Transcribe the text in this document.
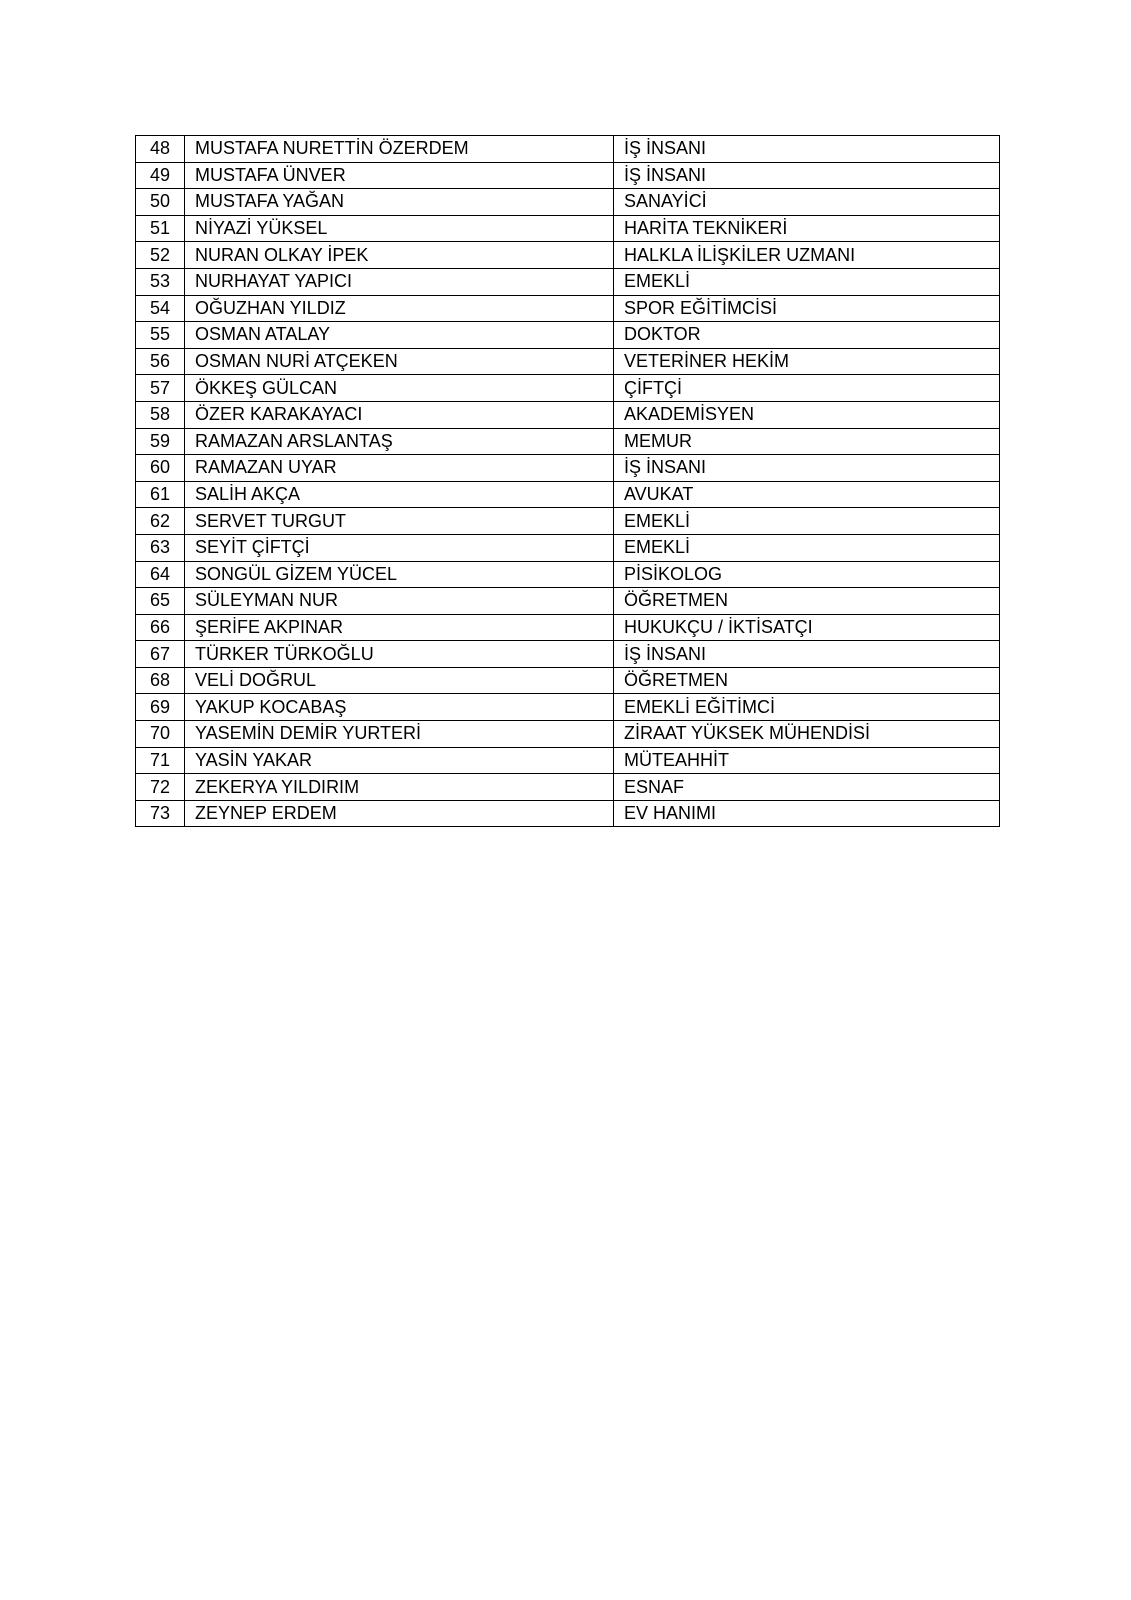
48	MUSTAFA NURETTİN ÖZERDEM	İŞ İNSANI
49	MUSTAFA ÜNVER	İŞ İNSANI
50	MUSTAFA YAĞAN	SANAYİCİ
51	NİYAZİ YÜKSEL	HARİTA TEKNİKERİ
52	NURAN OLKAY İPEK	HALKLA İLİŞKİLER UZMANI
53	NURHAYAT YAPICI	EMEKLİ
54	OĞUZHAN YILDIZ	SPOR EĞİTİMCİSİ
55	OSMAN ATALAY	DOKTOR
56	OSMAN NURİ ATÇEKEN	VETERİNER HEKİM
57	ÖKKEŞ GÜLCAN	ÇİFTÇİ
58	ÖZER KARAKAYACI	AKADEMİSYEN
59	RAMAZAN ARSLANTAŞ	MEMUR
60	RAMAZAN UYAR	İŞ İNSANI
61	SALİH AKÇA	AVUKAT
62	SERVET TURGUT	EMEKLİ
63	SEYİT ÇİFTÇİ	EMEKLİ
64	SONGÜL GİZEM YÜCEL	PİSİKOLOG
65	SÜLEYMAN NUR	ÖĞRETMEN
66	ŞERİFE AKPINAR	HUKUKÇU / İKTİSATÇI
67	TÜRKER TÜRKOĞLU	İŞ İNSANI
68	VELİ DOĞRUL	ÖĞRETMEN
69	YAKUP KOCABAŞ	EMEKLİ EĞİTİMCİ
70	YASEMİN DEMİR YURTERİ	ZİRAAT YÜKSEK MÜHENDİSİ
71	YASİN YAKAR	MÜTEAHHİT
72	ZEKERYA YILDIRIM	ESNAF
73	ZEYNEP ERDEM	EV HANIMI
